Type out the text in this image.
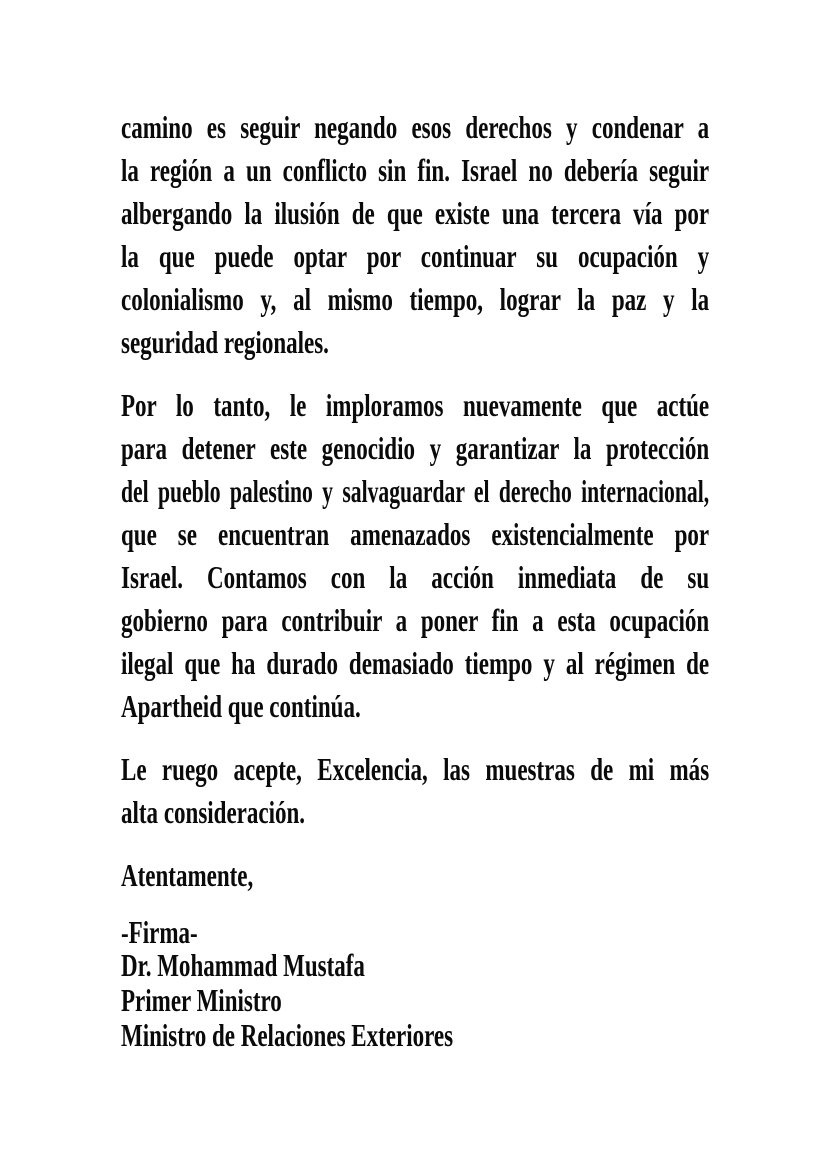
camino es seguir negando esos derechos y condenar a
la región a un conflicto sin fin. Israel no debería seguir
albergando la ilusión de que existe una tercera vía por
la que puede optar por continuar su ocupación y
colonialismo y, al mismo tiempo, lograr la paz y la
seguridad regionales.
Por lo tanto, le imploramos nuevamente que actúe
para detener este genocidio y garantizar la protección
del pueblo palestino y salvaguardar el derecho internacional,
que se encuentran amenazados existencialmente por
Israel. Contamos con la acción inmediata de su
gobierno para contribuir a poner fin a esta ocupación
ilegal que ha durado demasiado tiempo y al régimen de
Apartheid que continúa.
Le ruego acepte, Excelencia, las muestras de mi más
alta consideración.
Atentamente,
-Firma-
Dr. Mohammad Mustafa
Primer Ministro
Ministro de Relaciones Exteriores
